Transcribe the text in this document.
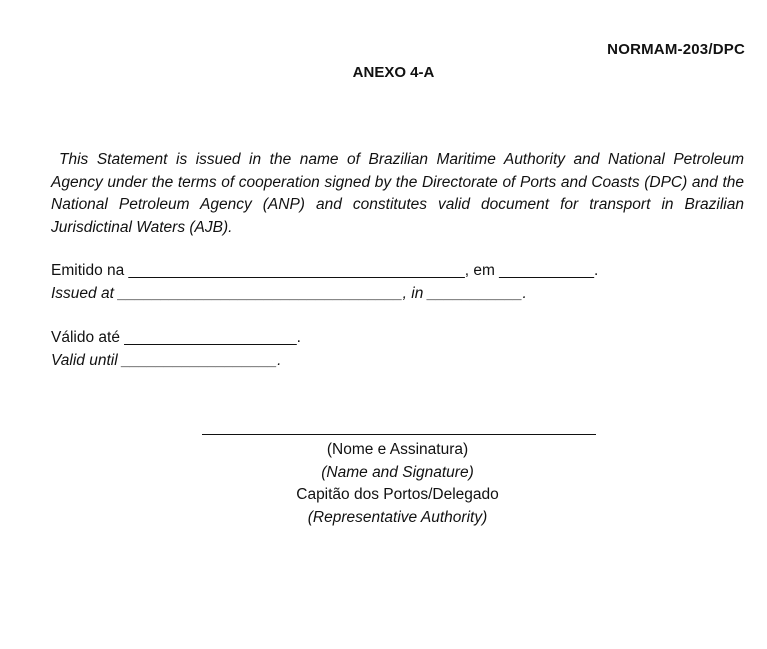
NORMAM-203/DPC
ANEXO 4-A

This Statement is issued in the name of Brazilian Maritime Authority and National Petroleum Agency under the terms of cooperation signed by the Directorate of Ports and Coasts (DPC) and the National Petroleum Agency (ANP) and constitutes valid document for transport in Brazilian Jurisdictinal Waters (AJB).

Emitido na _______________________________________, em ___________.
Issued at _________________________________, in ___________.
Válido até ____________________.
Valid until __________________.
(Nome e Assinatura)
(Name and Signature)
Capitão dos Portos/Delegado
(Representative Authority)
